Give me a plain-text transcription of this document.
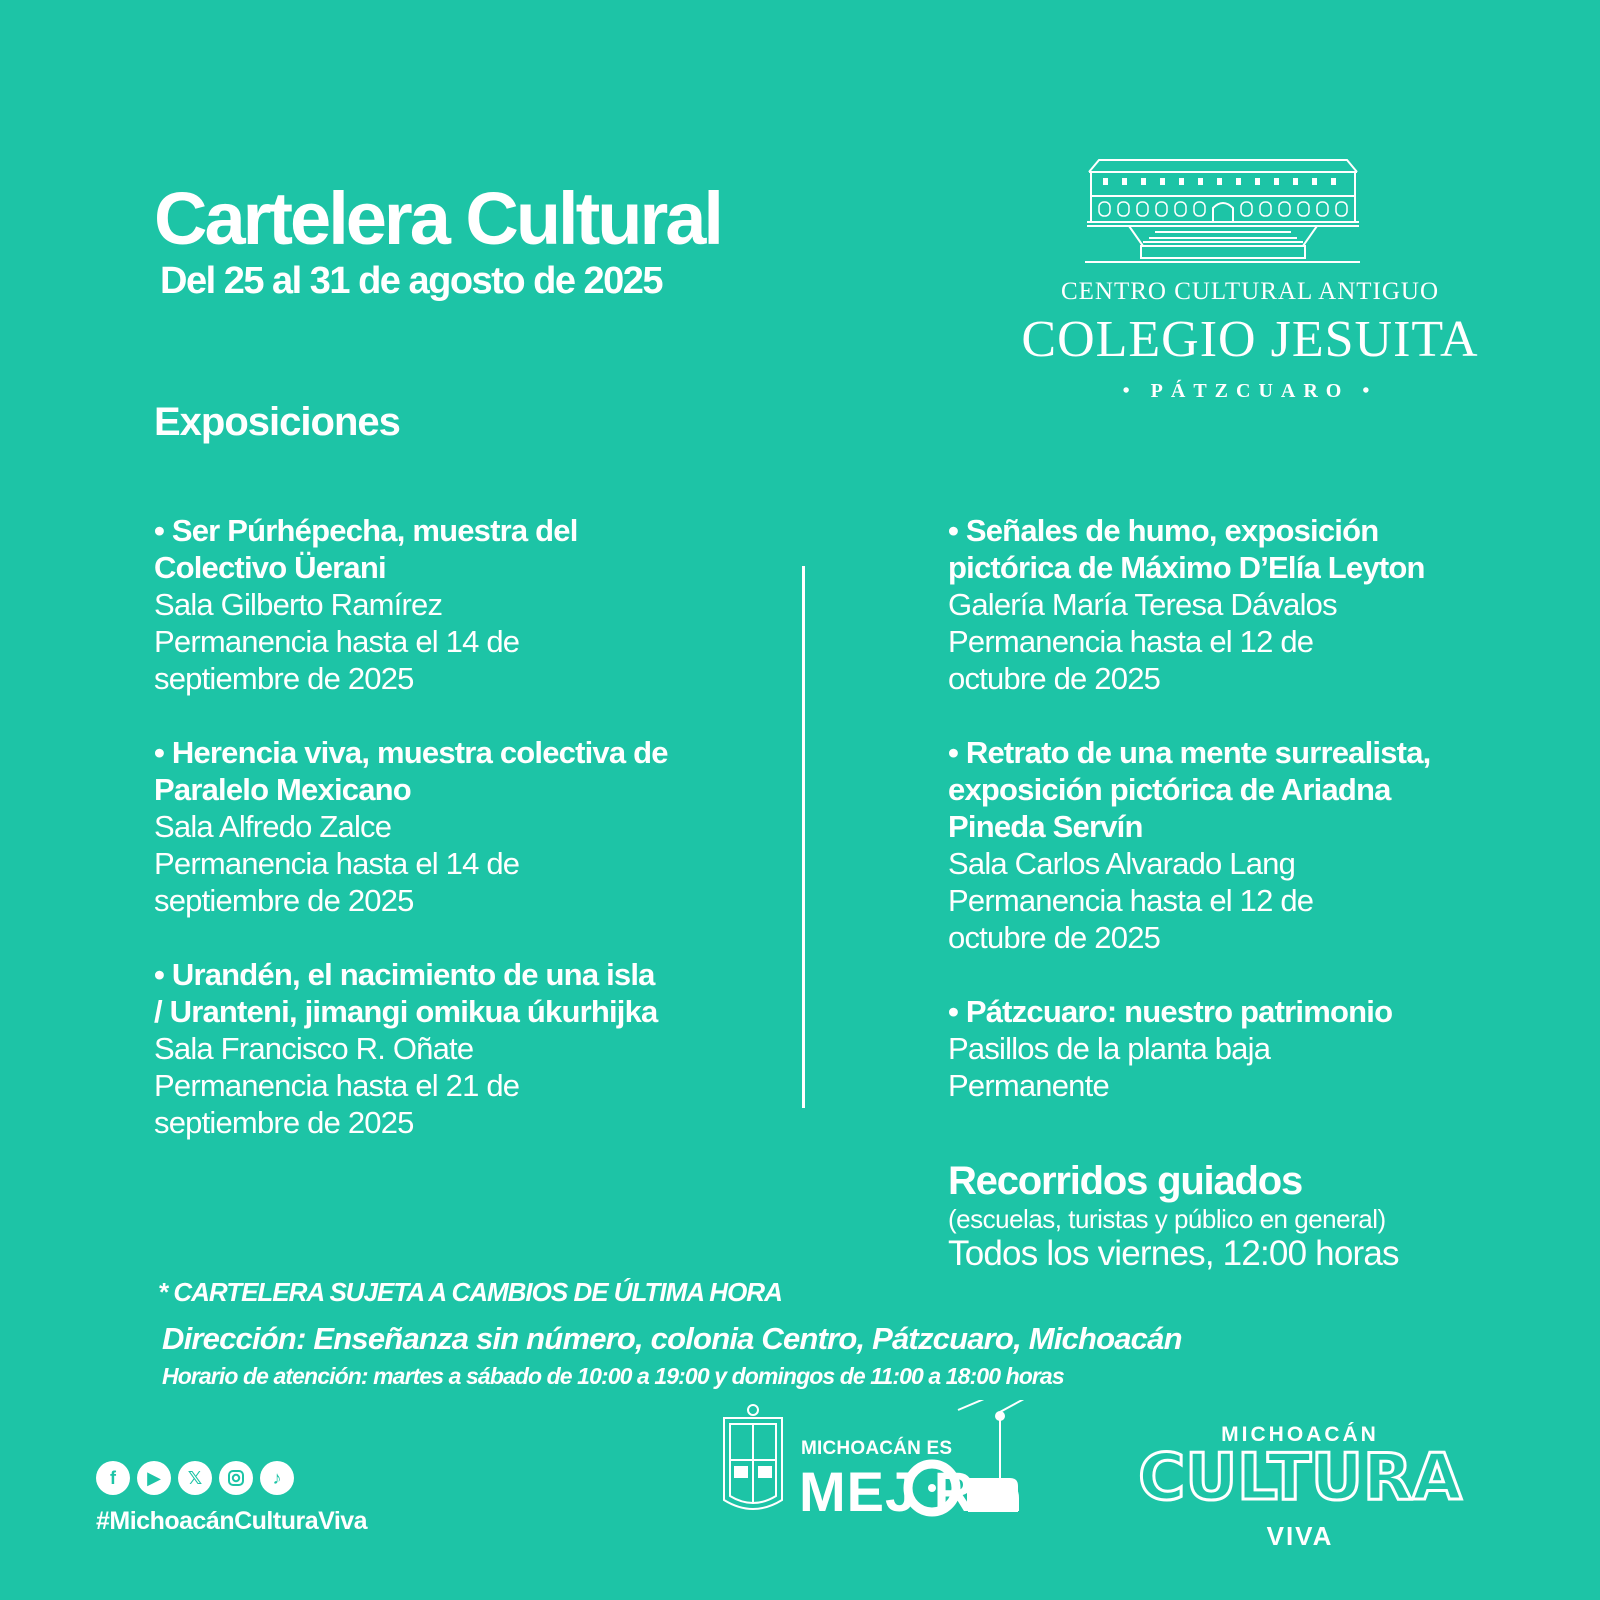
Cartelera Cultural
Del 25 al 31 de agosto de 2025	CENTRO CULTURAL ANTIGUO
COLEGIO JESUITA
• PÁTZCUARO •
Exposiciones
• Ser Púrhépecha, muestra del Colectivo Üerani
Sala Gilberto Ramírez
Permanencia hasta el 14 de septiembre de 2025
• Herencia viva, muestra colectiva de Paralelo Mexicano
Sala Alfredo Zalce
Permanencia hasta el 14 de septiembre de 2025
• Urandén, el nacimiento de una isla / Uranteni, jimangi omikua úkurhijka
Sala Francisco R. Oñate
Permanencia hasta el 21 de septiembre de 2025
• Señales de humo, exposición pictórica de Máximo D’Elía Leyton
Galería María Teresa Dávalos
Permanencia hasta el 12 de octubre de 2025
• Retrato de una mente surrealista, exposición pictórica de Ariadna Pineda Servín
Sala Carlos Alvarado Lang
Permanencia hasta el 12 de octubre de 2025
• Pátzcuaro: nuestro patrimonio
Pasillos de la planta baja
Permanente
Recorridos guiados
(escuelas, turistas y público en general)
Todos los viernes, 12:00 horas
* CARTELERA SUJETA A CAMBIOS DE ÚLTIMA HORA
Dirección: Enseñanza sin número, colonia Centro, Pátzcuaro, Michoacán
Horario de atención: martes a sábado de 10:00 a 19:00 y domingos de 11:00 a 18:00 horas
f	▶	𝕏	♪
#MichoacánCulturaViva
MICHOACÁN ES
MEJ R
MICHOACÁN
CULTURA
VIVA
